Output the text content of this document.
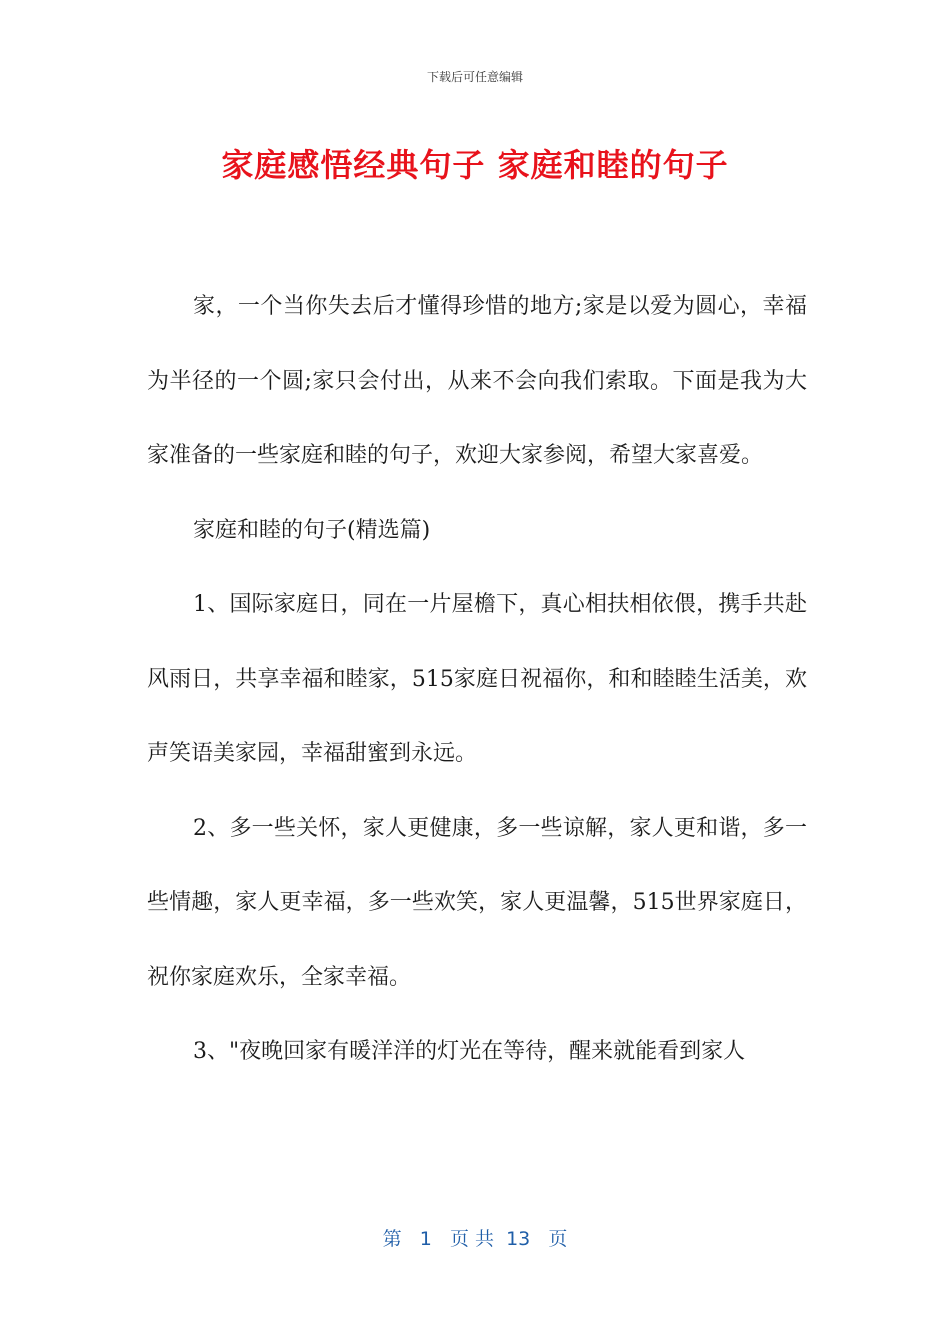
下载后可任意编辑
家庭感悟经典句子 家庭和睦的句子

家，一个当你失去后才懂得珍惜的地方;家是以爱为圆心，幸福为半径的一个圆;家只会付出，从来不会向我们索取。下面是我为大家准备的一些家庭和睦的句子，欢迎大家参阅，希望大家喜爱。

家庭和睦的句子(精选篇)

1、国际家庭日，同在一片屋檐下，真心相扶相依偎，携手共赴风雨日，共享幸福和睦家，515家庭日祝福你，和和睦睦生活美，欢声笑语美家园，幸福甜蜜到永远。

2、多一些关怀，家人更健康，多一些谅解，家人更和谐，多一些情趣，家人更幸福，多一些欢笑，家人更温馨，515世界家庭日，祝你家庭欢乐，全家幸福。

3、"夜晚回家有暖洋洋的灯光在等待，醒来就能看到家人

第 1 页 共 13 页
